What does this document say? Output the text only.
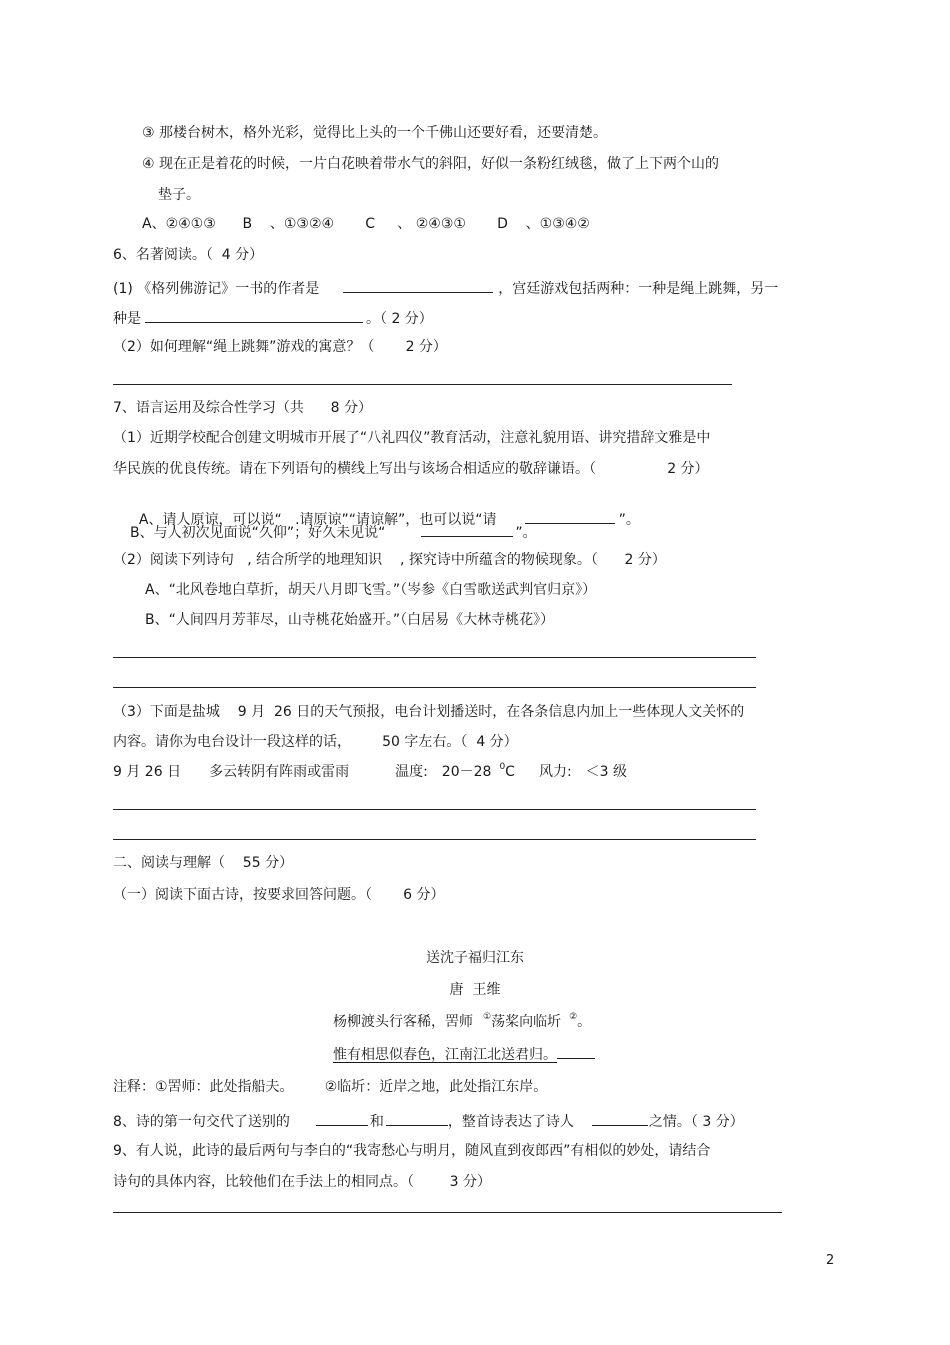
③ 那楼台树木，格外光彩，觉得比上头的一个千佛山还要好看，还要清楚。
④ 现在正是着花的时候，一片白花映着带水气的斜阳，好似一条粉红绒毯，做了上下两个山的
垫子。
A、②④①③      B    、①③②④       C     、 ②④③①       D    、①③④②
6、名著阅读。（  4 分）
(1) 《格列佛游记》一书的作者是	，宫廷游戏包括两种：一种是绳上跳舞，另一
种是	。（ 2 分）
（2）如何理解“绳上跳舞”游戏的寓意？（       2 分）
7、语言运用及综合性学习（共      8 分）
（1）近期学校配合创建文明城市开展了“八礼四仪”教育活动，注意礼貌用语、讲究措辞文雅是中
华民族的优良传统。请在下列语句的横线上写出与该场合相适应的敬辞谦语。（                2 分）

A、请人原谅，可以说“   .请原谅”“请谅解”，也可以说“请	”。

B、与人初次见面说“久仰”；好久未见说“	”。
（2）阅读下列诗句   , 结合所学的地理知识    , 探究诗中所蕴含的物候现象。（      2 分）
A、“北风卷地白草折，胡天八月即飞雪。”（岑参《白雪歌送武判官归京》）
B、“人间四月芳菲尽，山寺桃花始盛开。”（白居易《大林寺桃花》）
（3）下面是盐城    9 月  26 日的天气预报，电台计划播送时，在各条信息内加上一些体现人文关怀的
内容。请你为电台设计一段这样的话，       50 字左右。（  4 分）
9 月 26 日 多云转阴有阵雨或雷雨	温度: 20－28 $^0$C 风力: ＜3 级
二、阅读与理解（    55 分）
（一）阅读下面古诗，按要求回答问题。（       6 分）
送沈子福归江东
唐  王维
杨柳渡头行客稀，罟师 ①荡桨向临圻 ②。
惟有相思似春色，江南江北送君归。
注释：①罟师：此处指船夫。       ②临圻：近岸之地，此处指江东岸。
8、诗的第一句交代了送别的	和	，整首诗表达了诗人	之情。（ 3 分）
9、有人说，此诗的最后两句与李白的“我寄愁心与明月，随风直到夜郎西”有相似的妙处，请结合
诗句的具体内容，比较他们在手法上的相同点。（        3 分）
2
